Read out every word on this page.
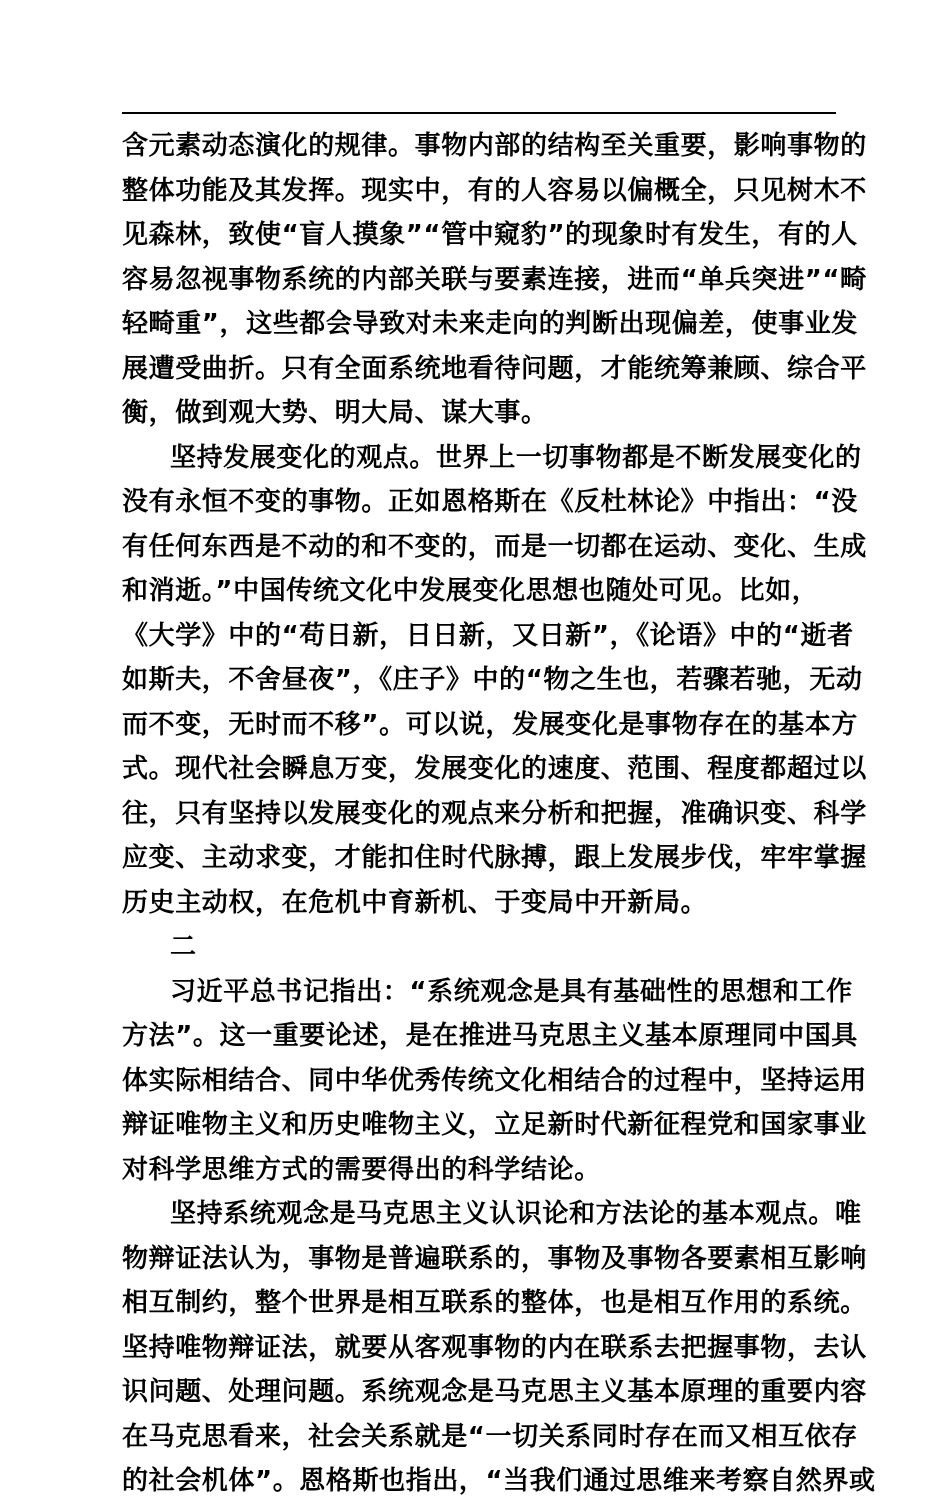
含元素动态演化的规律。事物内部的结构至关重要，影响事物的
整体功能及其发挥。现实中，有的人容易以偏概全，只见树木不
见森林，致使“盲人摸象”“管中窥豹”的现象时有发生，有的人
容易忽视事物系统的内部关联与要素连接，进而“单兵突进”“畸
轻畸重”，这些都会导致对未来走向的判断出现偏差，使事业发
展遭受曲折。只有全面系统地看待问题，才能统筹兼顾、综合平
衡，做到观大势、明大局、谋大事。
坚持发展变化的观点。世界上一切事物都是不断发展变化的
没有永恒不变的事物。正如恩格斯在《反杜林论》中指出：“没
有任何东西是不动的和不变的，而是一切都在运动、变化、生成
和消逝。”中国传统文化中发展变化思想也随处可见。比如，
《大学》中的“苟日新，日日新，又日新”，《论语》中的“逝者
如斯夫，不舍昼夜”，《庄子》中的“物之生也，若骤若驰，无动
而不变，无时而不移”。可以说，发展变化是事物存在的基本方
式。现代社会瞬息万变，发展变化的速度、范围、程度都超过以
往，只有坚持以发展变化的观点来分析和把握，准确识变、科学
应变、主动求变，才能扣住时代脉搏，跟上发展步伐，牢牢掌握
历史主动权，在危机中育新机、于变局中开新局。
二
习近平总书记指出：“系统观念是具有基础性的思想和工作
方法”。这一重要论述，是在推进马克思主义基本原理同中国具
体实际相结合、同中华优秀传统文化相结合的过程中，坚持运用
辩证唯物主义和历史唯物主义，立足新时代新征程党和国家事业
对科学思维方式的需要得出的科学结论。
坚持系统观念是马克思主义认识论和方法论的基本观点。唯
物辩证法认为，事物是普遍联系的，事物及事物各要素相互影响
相互制约，整个世界是相互联系的整体，也是相互作用的系统。
坚持唯物辩证法，就要从客观事物的内在联系去把握事物，去认
识问题、处理问题。系统观念是马克思主义基本原理的重要内容
在马克思看来，社会关系就是“一切关系同时存在而又相互依存
的社会机体”。恩格斯也指出，“当我们通过思维来考察自然界或
